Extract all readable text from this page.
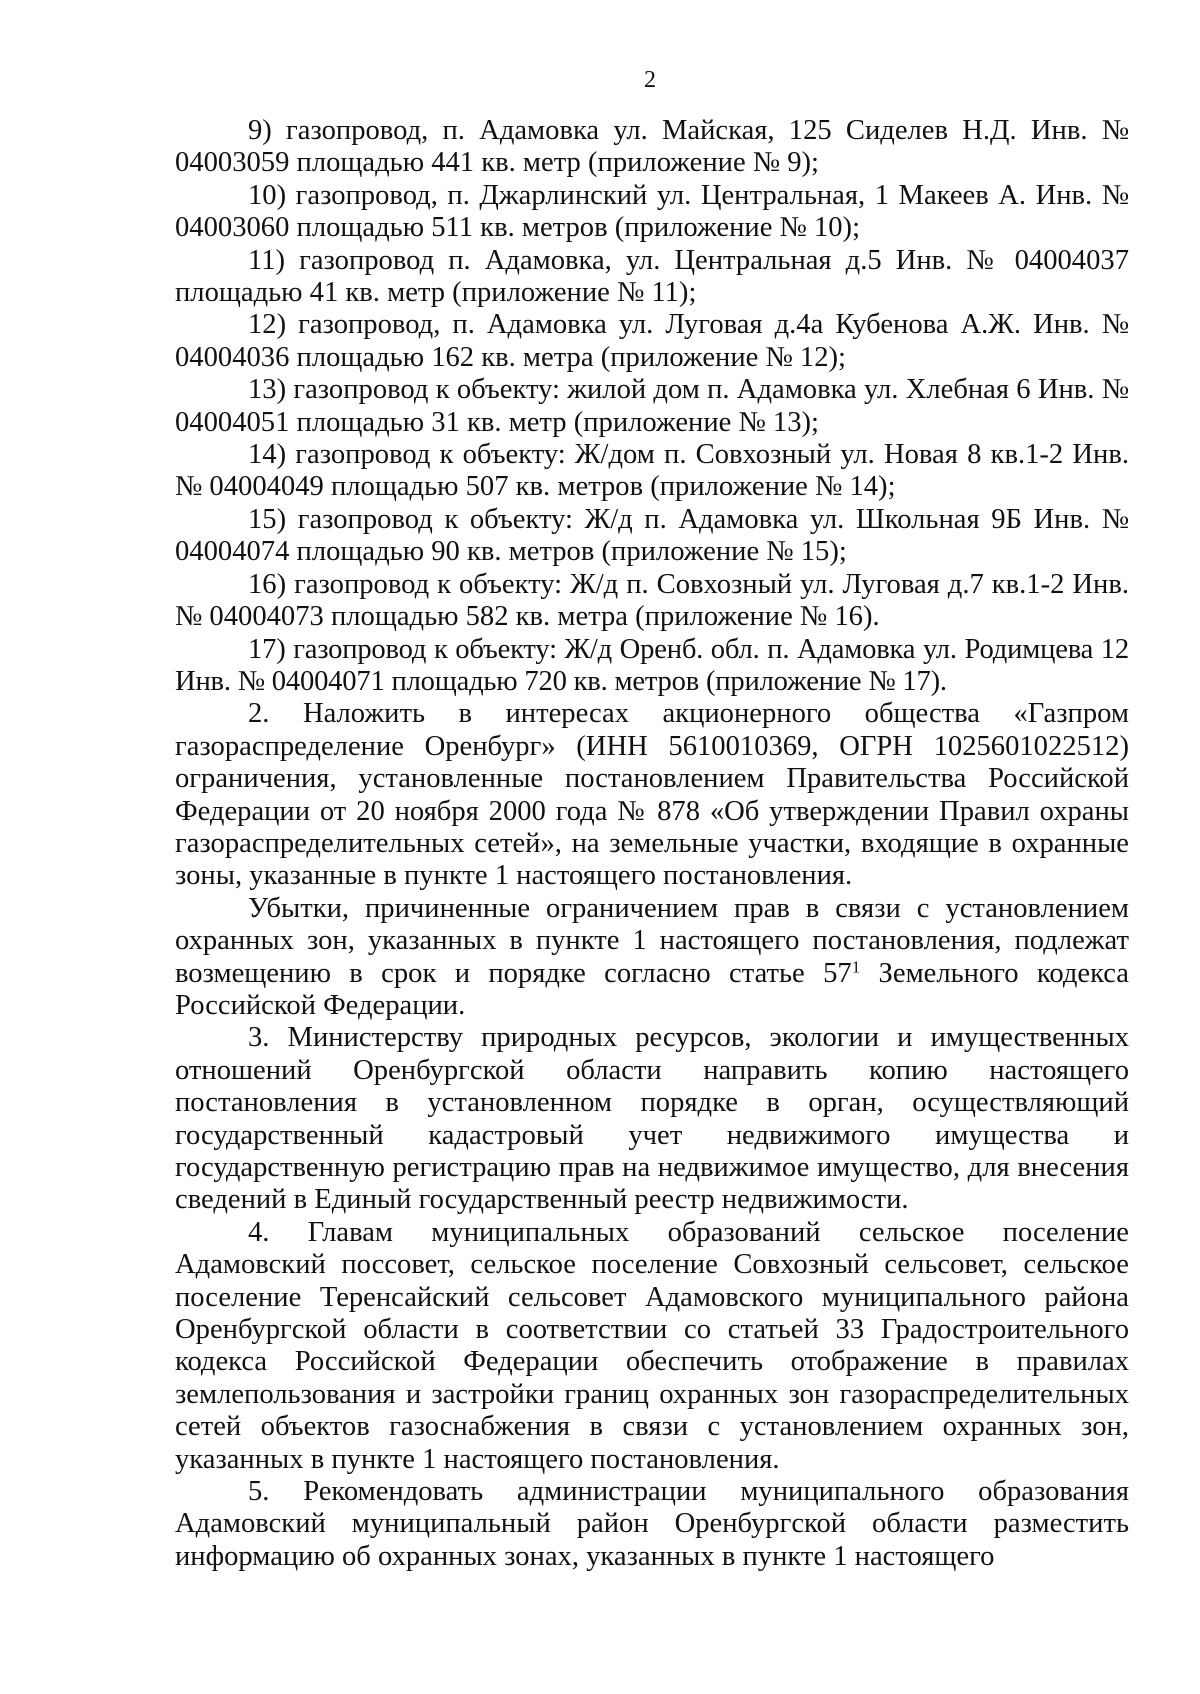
2

9) газопровод, п. Адамовка ул. Майская, 125 Сиделев Н.Д. Инв. № 04003059 площадью 441 кв. метр (приложение № 9);

10) газопровод, п. Джарлинский ул. Центральная, 1 Макеев А. Инв. № 04003060 площадью 511 кв. метров (приложение № 10);

11) газопровод п. Адамовка, ул. Центральная д.5 Инв. № 04004037 площадью 41 кв. метр (приложение № 11);

12) газопровод, п. Адамовка ул. Луговая д.4а Кубенова А.Ж. Инв. № 04004036 площадью 162 кв. метра (приложение № 12);

13) газопровод к объекту: жилой дом п. Адамовка ул. Хлебная 6 Инв. № 04004051 площадью 31 кв. метр (приложение № 13);

14) газопровод к объекту: Ж/дом п. Совхозный ул. Новая 8 кв.1-2 Инв. № 04004049 площадью 507 кв. метров (приложение № 14);

15) газопровод к объекту: Ж/д п. Адамовка ул. Школьная 9Б Инв. № 04004074 площадью 90 кв. метров (приложение № 15);

16) газопровод к объекту: Ж/д п. Совхозный ул. Луговая д.7 кв.1-2 Инв. № 04004073 площадью 582 кв. метра (приложение № 16).

17) газопровод к объекту: Ж/д Оренб. обл. п. Адамовка ул. Родимцева 12 Инв. № 04004071 площадью 720 кв. метров (приложение № 17).

2. Наложить в интересах акционерного общества «Газпром газораспределение Оренбург» (ИНН 5610010369, ОГРН 1025601022512) ограничения, установленные постановлением Правительства Российской Федерации от 20 ноября 2000 года № 878 «Об утверждении Правил охраны газораспределительных сетей», на земельные участки, входящие в охранные зоны, указанные в пункте 1 настоящего постановления.

Убытки, причиненные ограничением прав в связи с установлением охранных зон, указанных в пункте 1 настоящего постановления, подлежат возмещению в срок и порядке согласно статье $57^1$ Земельного кодекса Российской Федерации.

3. Министерству природных ресурсов, экологии и имущественных отношений Оренбургской области направить копию настоящего постановления в установленном порядке в орган, осуществляющий государственный кадастровый учет недвижимого имущества и государственную регистрацию прав на недвижимое имущество, для внесения сведений в Единый государственный реестр недвижимости.

4. Главам муниципальных образований сельское поселение Адамовский поссовет, сельское поселение Совхозный сельсовет, сельское поселение Теренсайский сельсовет Адамовского муниципального района Оренбургской области в соответствии со статьей 33 Градостроительного кодекса Российской Федерации обеспечить отображение в правилах землепользования и застройки границ охранных зон газораспределительных сетей объектов газоснабжения в связи с установлением охранных зон, указанных в пункте 1 настоящего постановления.

5. Рекомендовать администрации муниципального образования Адамовский муниципальный район Оренбургской области разместить информацию об охранных зонах, указанных в пункте 1 настоящего
